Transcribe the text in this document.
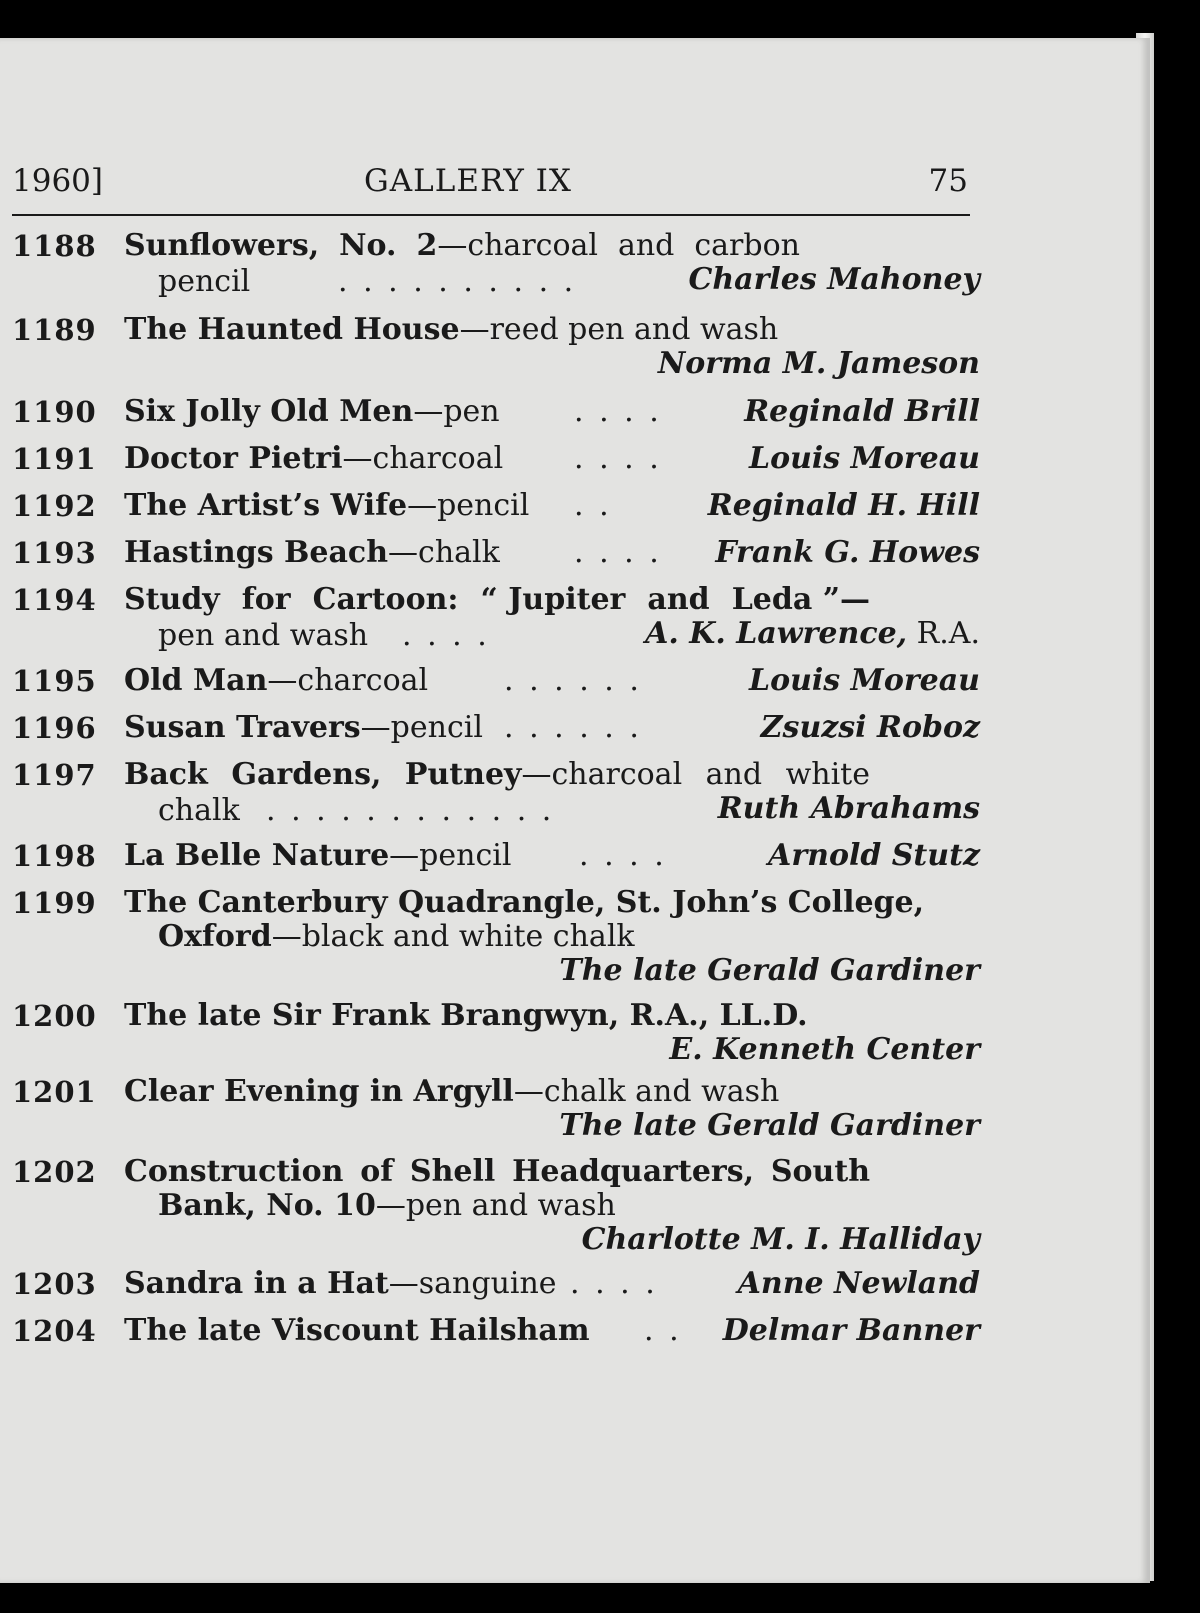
1960]	GALLERY IX	75
1188 Sunflowers, No. 2—charcoal and carbon
pencil	. . . . . . . . . .	Charles Mahoney
1189 The Haunted House—reed pen and wash
Norma M. Jameson
1190 Six Jolly Old Men—pen . . . .	Reginald Brill
1191 Doctor Pietri—charcoal . . . .	Louis Moreau
1192 The Artist’s Wife—pencil . .	Reginald H. Hill
1193 Hastings Beach—chalk . . . . Frank G. Howes
1194 Study for Cartoon: “ Jupiter and Leda ”—
pen and wash . . . .	A. K. Lawrence, R.A.
1195 Old Man—charcoal	. . . . . .	Louis Moreau
1196 Susan Travers—pencil . . . . . .	Zsuzsi Roboz
1197 Back Gardens, Putney—charcoal and white
chalk . . . . . . . . . . . .	Ruth Abrahams
1198 La Belle Nature—pencil . . . .	Arnold Stutz
1199 The Canterbury Quadrangle, St. John’s College,
Oxford—black and white chalk
The late Gerald Gardiner
1200 The late Sir Frank Brangwyn, R.A., LL.D.
E. Kenneth Center
1201 Clear Evening in Argyll—chalk and wash
The late Gerald Gardiner
1202 Construction of Shell Headquarters, South
Bank, No. 10—pen and wash
Charlotte M. I. Halliday
1203 Sandra in a Hat—sanguine . . . .	Anne Newland
1204 The late Viscount Hailsham . . Delmar Banner
